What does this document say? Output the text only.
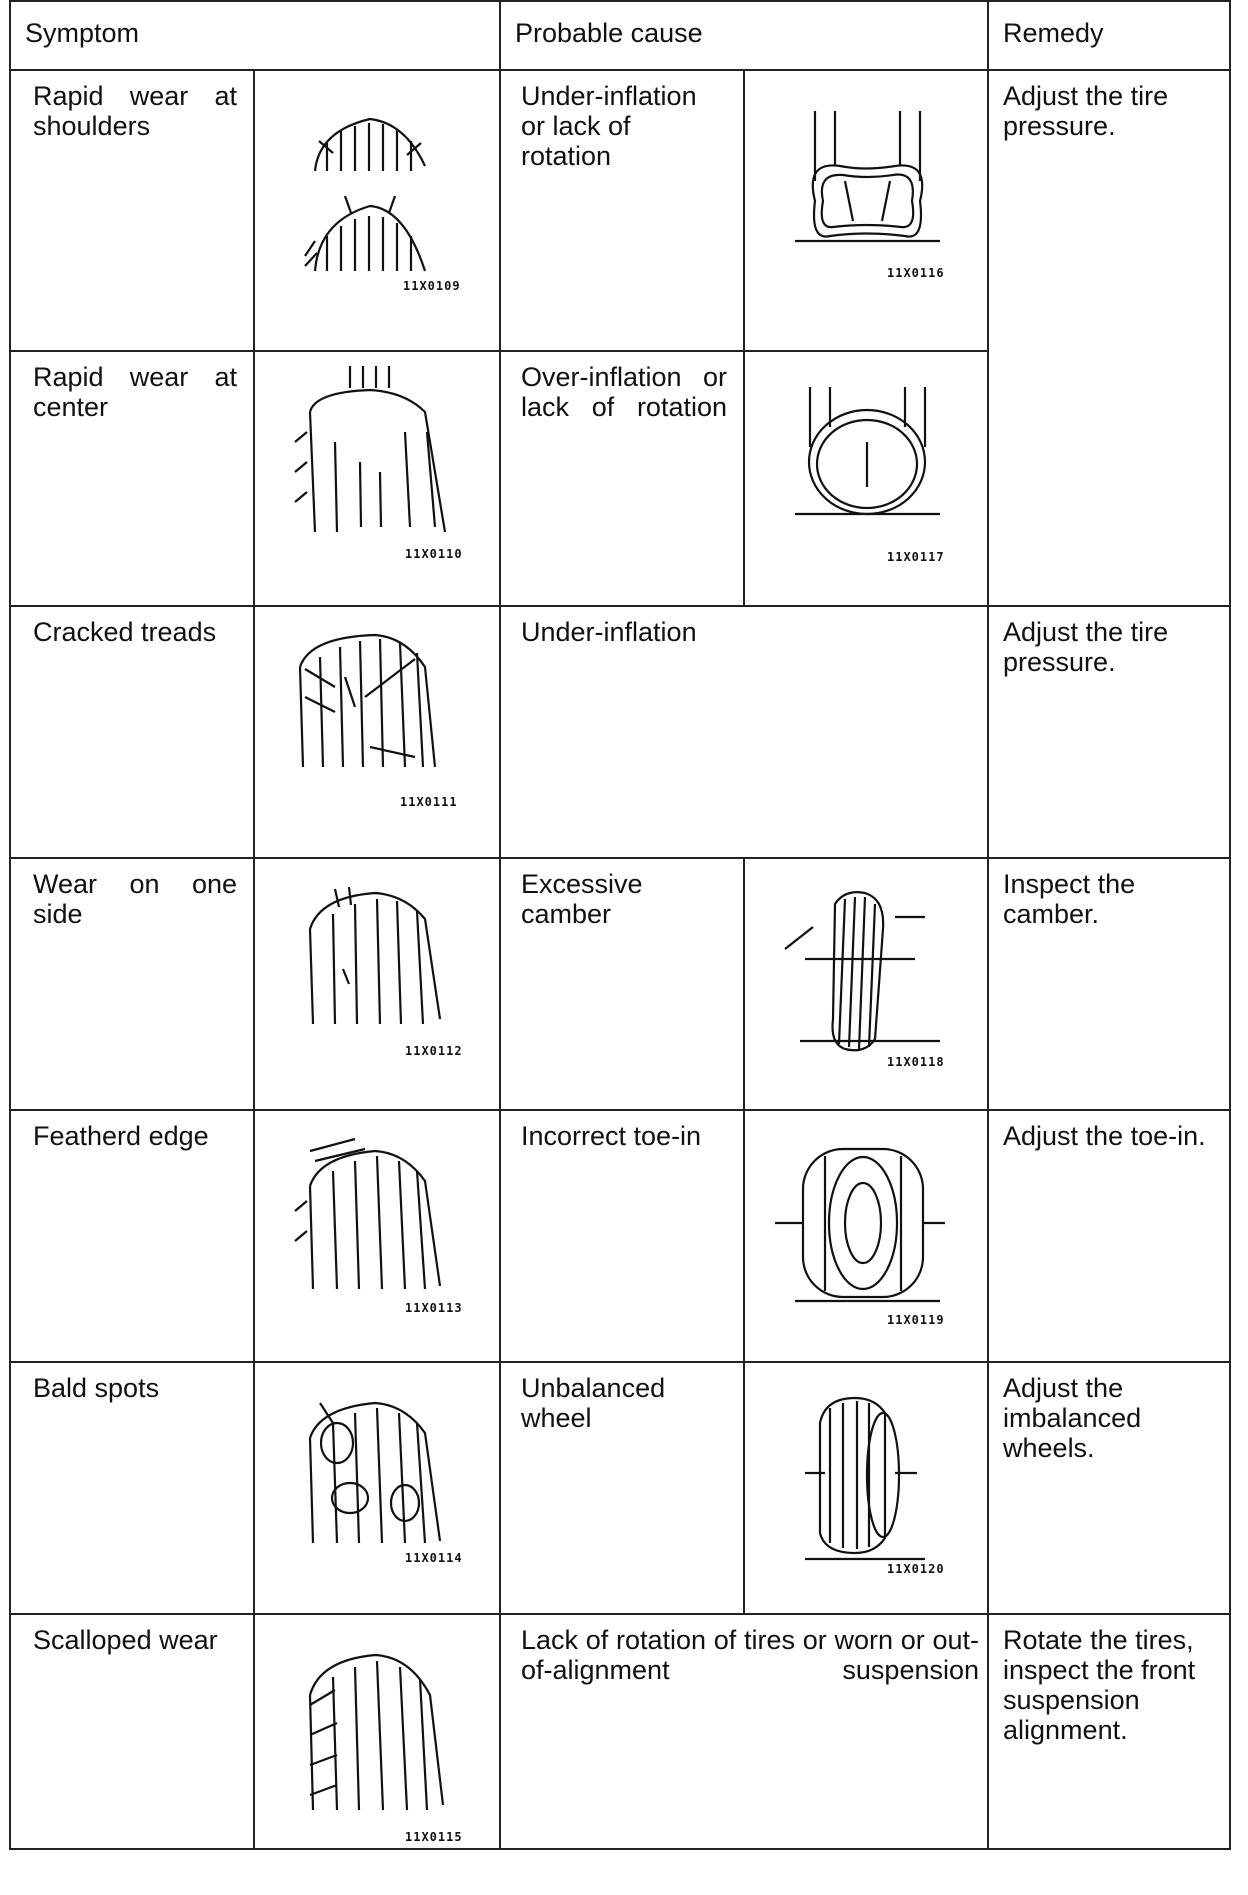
Symptom		Probable cause		Remedy

Rapid wear at shoulders	11X0109	Under-inflation or lack of rotation	11X0116	Adjust the tire pressure.

Rapid wear at center	11X0110	Over-inflation or lack of rotation	11X0117	

Cracked treads	11X0111	Under-inflation		Adjust the tire pressure.

Wear on one side	11X0112	Excessive camber	11X0118	Inspect the camber.

Featherd edge	11X0113	Incorrect toe-in	11X0119	Adjust the toe-in.

Bald spots	11X0114	Unbalanced wheel	11X0120	Adjust the imbalanced wheels.

Scalloped wear	11X0115	Lack of rotation of tires or worn or out-of-alignment suspension		Rotate the tires, inspect the front suspension alignment.
